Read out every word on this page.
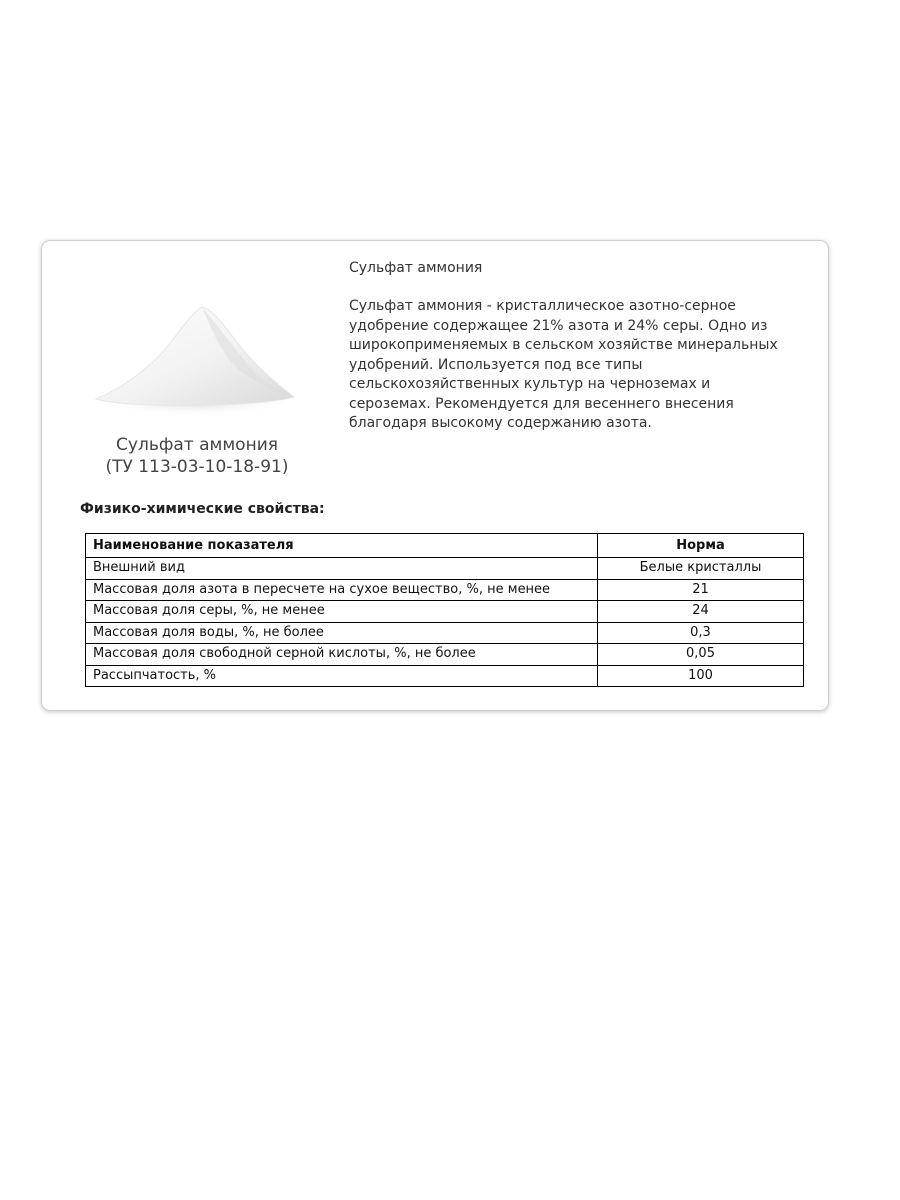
Сульфат аммония
(ТУ 113-03-10-18-91)
Сульфат аммония
Сульфат аммония - кристаллическое азотно-серное удобрение содержащее 21% азота и 24% серы. Одно из широкоприменяемых в сельском хозяйстве минеральных удобрений. Используется под все типы сельскохозяйственных культур на черноземах и сероземах. Рекомендуется для весеннего внесения благодаря высокому содержанию азота.
Физико-химические свойства:
Наименование показателя	Норма
Внешний вид	Белые кристаллы
Массовая доля азота в пересчете на сухое вещество, %, не менее	21
Массовая доля серы, %, не менее	24
Массовая доля воды, %, не более	0,3
Массовая доля свободной серной кислоты, %, не более	0,05
Рассыпчатость, %	100
